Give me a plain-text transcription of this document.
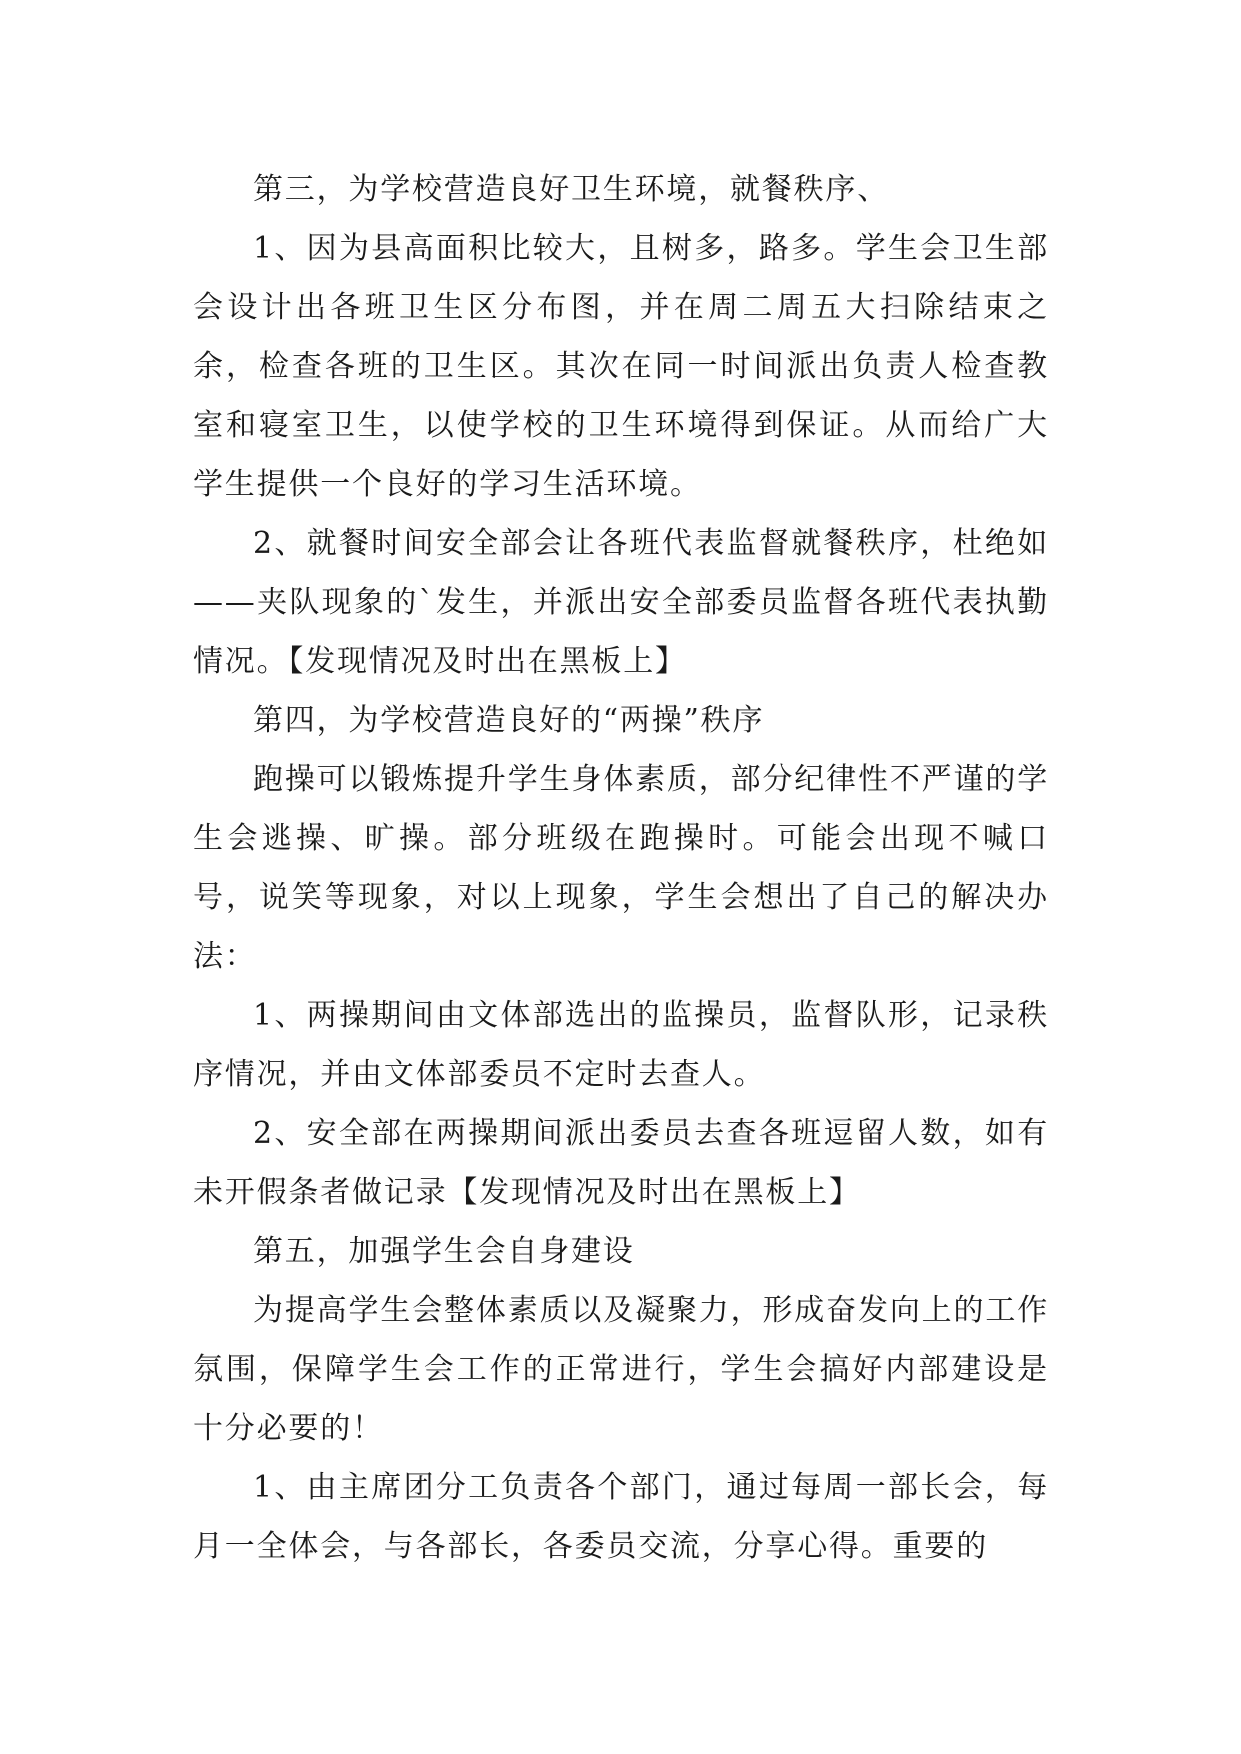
第三，为学校营造良好卫生环境，就餐秩序、

1、因为县高面积比较大，且树多，路多。学生会卫生部会设计出各班卫生区分布图，并在周二周五大扫除结束之余，检查各班的卫生区。其次在同一时间派出负责人检查教室和寝室卫生，以使学校的卫生环境得到保证。从而给广大学生提供一个良好的学习生活环境。

2、就餐时间安全部会让各班代表监督就餐秩序，杜绝如——夹队现象的`发生，并派出安全部委员监督各班代表执勤情况。【发现情况及时出在黑板上】

第四，为学校营造良好的“两操”秩序

跑操可以锻炼提升学生身体素质，部分纪律性不严谨的学生会逃操、旷操。部分班级在跑操时。可能会出现不喊口号，说笑等现象，对以上现象，学生会想出了自己的解决办法：

1、两操期间由文体部选出的监操员，监督队形，记录秩序情况，并由文体部委员不定时去查人。

2、安全部在两操期间派出委员去查各班逗留人数，如有未开假条者做记录【发现情况及时出在黑板上】

第五，加强学生会自身建设

为提高学生会整体素质以及凝聚力，形成奋发向上的工作氛围，保障学生会工作的正常进行，学生会搞好内部建设是十分必要的！

1、由主席团分工负责各个部门，通过每周一部长会，每月一全体会，与各部长，各委员交流，分享心得。重要的
